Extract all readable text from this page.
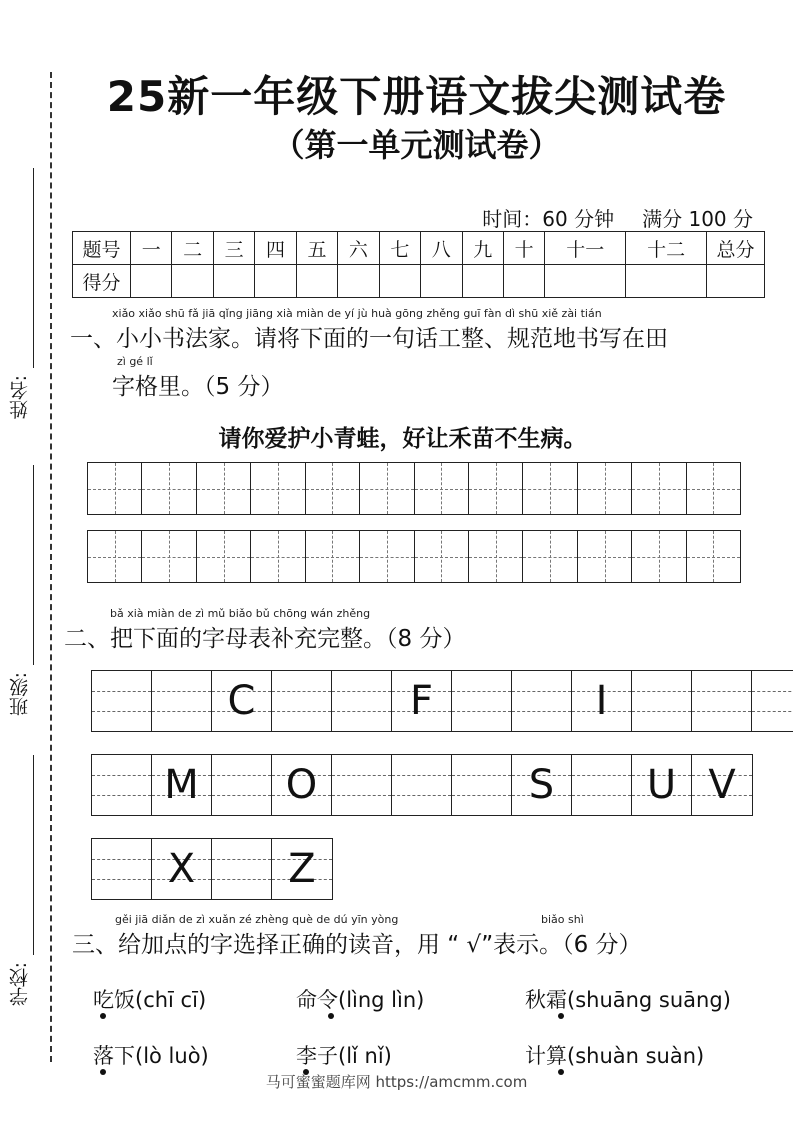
姓名:
班级:
学校:
25新一年级下册语文拔尖测试卷
（第一单元测试卷）
时间：60 分钟 满分 100 分
题号	一	二	三	四	五	六	七	八	九	十	十一	十二	总分
得分													
xiǎo xiǎo shū fǎ jiā qǐng jiāng xià miàn de yí jù huà gōng zhěng guī fàn dì shū xiě zài tián
一、小小书法家。请将下面的一句话工整、规范地书写在田
zì gé lǐ
字格里。（5 分）
请你爱护小青蛙，好让禾苗不生病。
bǎ xià miàn de zì mǔ biǎo bǔ chōng wán zhěng
二、把下面的字母表补充完整。（8 分）
C	F	I
M O	S U V
X Z
gěi jiā diǎn de zì xuǎn zé zhèng què de dú yīn yòng	biǎo shì
三、给加点的字选择正确的读音，用 “ √”表示。（6 分）
吃饭(chī cī)	命令(lìng lìn)	秋霜(shuāng suāng)
落下(lò luò)	李子(lǐ nǐ)	计算(shuàn suàn)
马可蜜蜜题库网 https://amcmm.com
